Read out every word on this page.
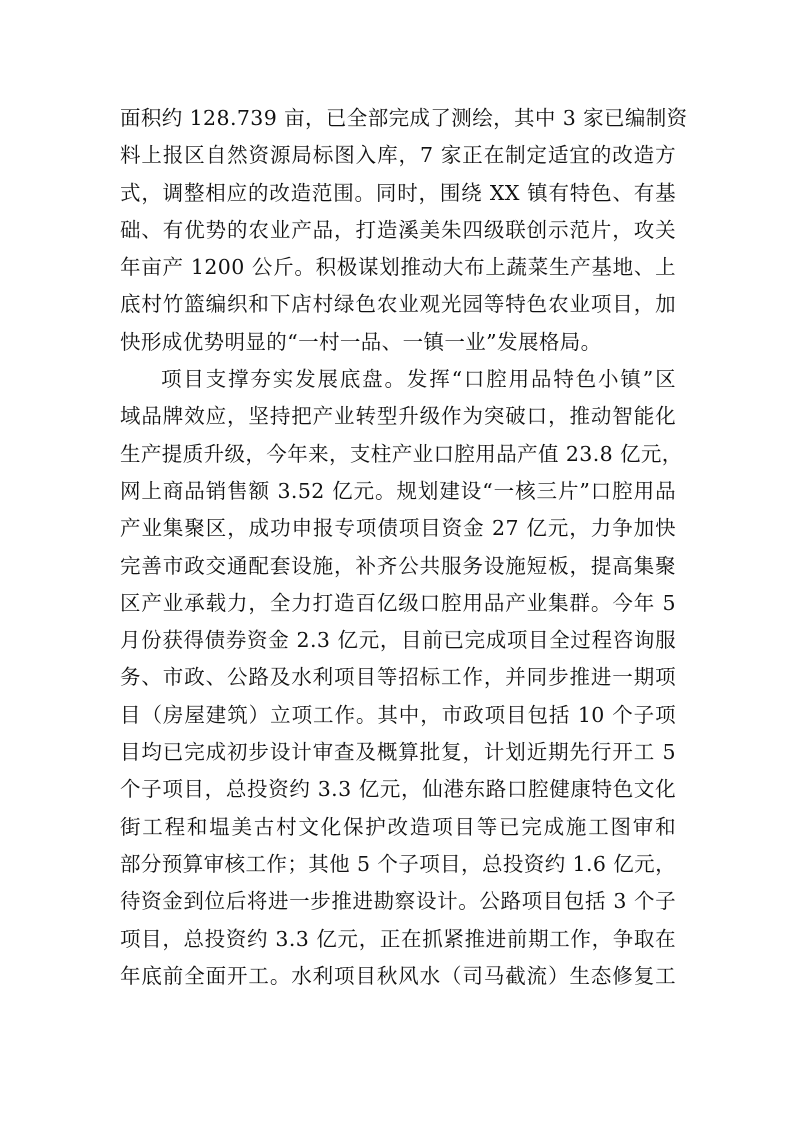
面积约 128.739 亩，已全部完成了测绘，其中 3 家已编制资
料上报区自然资源局标图入库，7 家正在制定适宜的改造方
式，调整相应的改造范围。同时，围绕 XX 镇有特色、有基
础、有优势的农业产品，打造溪美朱四级联创示范片，攻关
年亩产 1200 公斤。积极谋划推动大布上蔬菜生产基地、上
底村竹篮编织和下店村绿色农业观光园等特色农业项目，加
快形成优势明显的“一村一品、一镇一业”发展格局。
项目支撑夯实发展底盘。发挥“口腔用品特色小镇”区
域品牌效应，坚持把产业转型升级作为突破口，推动智能化
生产提质升级，今年来，支柱产业口腔用品产值 23.8 亿元，
网上商品销售额 3.52 亿元。规划建设“一核三片”口腔用品
产业集聚区，成功申报专项债项目资金 27 亿元，力争加快
完善市政交通配套设施，补齐公共服务设施短板，提高集聚
区产业承载力，全力打造百亿级口腔用品产业集群。今年 5
月份获得债券资金 2.3 亿元，目前已完成项目全过程咨询服
务、市政、公路及水利项目等招标工作，并同步推进一期项
目（房屋建筑）立项工作。其中，市政项目包括 10 个子项
目均已完成初步设计审查及概算批复，计划近期先行开工 5
个子项目，总投资约 3.3 亿元，仙港东路口腔健康特色文化
街工程和塭美古村文化保护改造项目等已完成施工图审和
部分预算审核工作；其他 5 个子项目，总投资约 1.6 亿元，
待资金到位后将进一步推进勘察设计。公路项目包括 3 个子
项目，总投资约 3.3 亿元，正在抓紧推进前期工作，争取在
年底前全面开工。水利项目秋风水（司马截流）生态修复工
